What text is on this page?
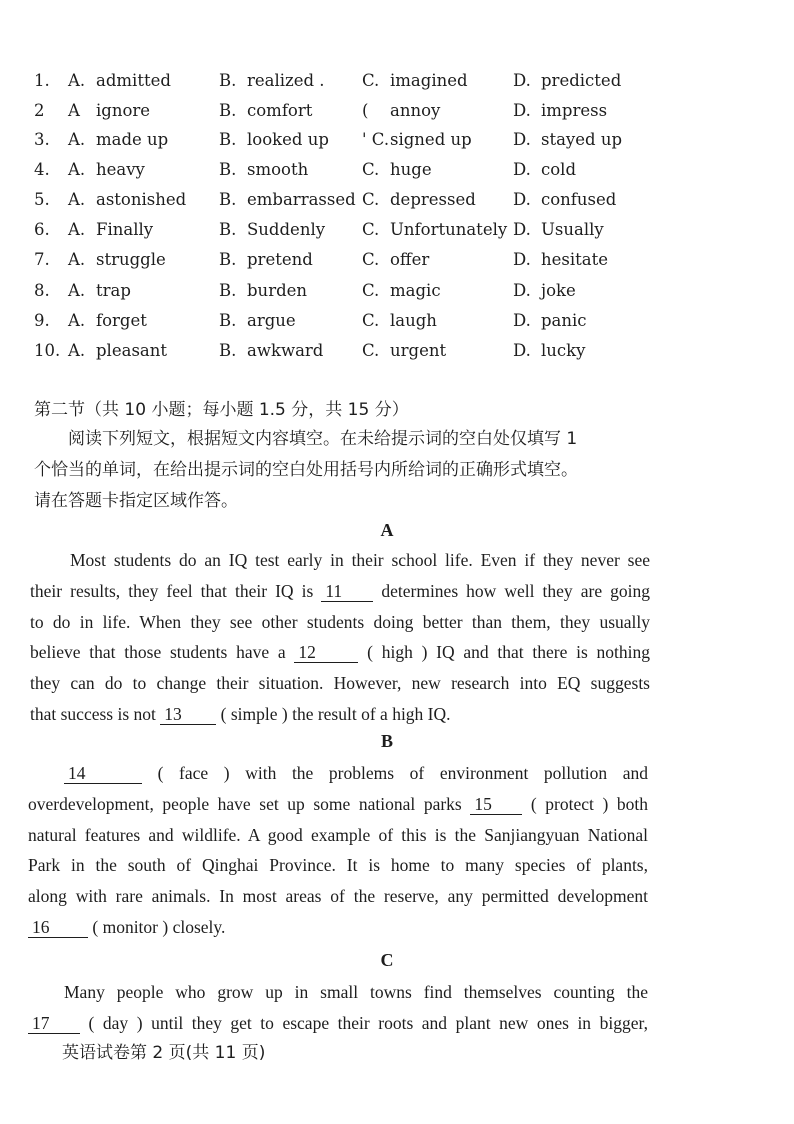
1.	A. admitted	B. realized . C. imagined	D. predicted
2	A ignore	B. comfort	( annoy	D. impress
3.	A. made up	B. looked up ' C.signed up	D. stayed up
4.	A. heavy	B. smooth	C. huge	D. cold
5.	A. astonished B. embarrassed C. depressed D. confused
6.	A. Finally	B. Suddenly C. Unfortunately D. Usually
7.	A. struggle	B. pretend	C. offer	D. hesitate
8.	A. trap	B. burden	C. magic	D. joke
9.	A. forget	B. argue	C. laugh	D. panic
10. A. pleasant	B. awkward C. urgent	D. lucky
第二节（共 10 小题；每小题 1.5 分，共 15 分）
阅读下列短文，根据短文内容填空。在未给提示词的空白处仅填写 1
个恰当的单词，在给出提示词的空白处用括号内所给词的正确形式填空。
请在答题卡指定区域作答。
A
Most students do an IQ test early in their school life. Even if they never see
their results, they feel that their IQ is 11 determines how well they are going
to do in life. When they see other students doing better than them, they usually
believe that those students have a 12 ( high ) IQ and that there is nothing
they can do to change their situation. However, new research into EQ suggests
that success is not 13 ( simple ) the result of a high IQ.
B
14	( face ) with the problems of environment pollution and
overdevelopment, people have set up some national parks 15 ( protect ) both
natural features and wildlife. A good example of this is the Sanjiangyuan National
Park in the south of Qinghai Province. It is home to many species of plants,
along with rare animals. In most areas of the reserve, any permitted development
16 ( monitor ) closely.
C
Many people who grow up in small towns find themselves counting the
17 ( day ) until they get to escape their roots and plant new ones in bigger,
英语试卷第 2 页(共 11 页)
